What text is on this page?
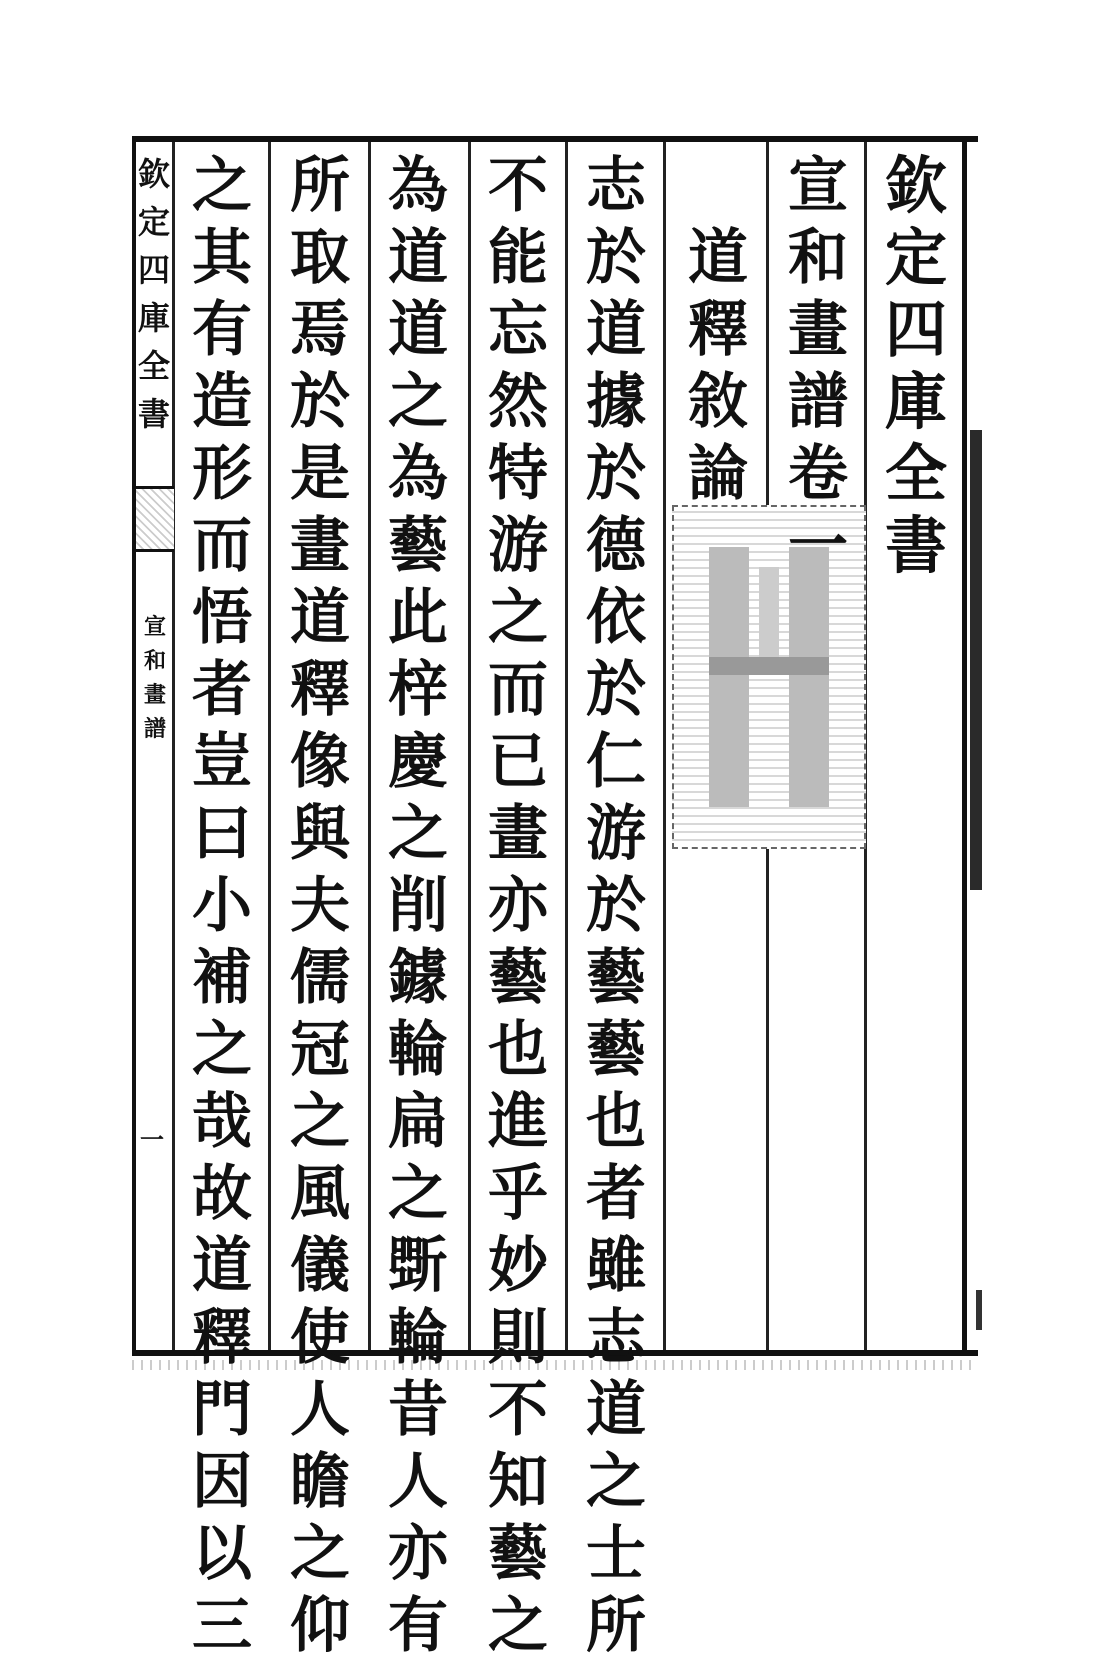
欽
定
四
庫
全
書
宣
和
畫
譜
卷
一
道
釋
敘
論
志
於
道
據
於
德
依
於
仁
游
於
藝
藝
也
者
雖
志
道
之
士
所
不
能
忘
然
特
游
之
而
已
畫
亦
藝
也
進
乎
妙
則
不
知
藝
之
為
道
道
之
為
藝
此
梓
慶
之
削
鐻
輪
扁
之
斲
輪
昔
人
亦
有
所
取
焉
於
是
畫
道
釋
像
與
夫
儒
冠
之
風
儀
使
人
瞻
之
仰
之
其
有
造
形
而
悟
者
豈
曰
小
補
之
哉
故
道
釋
門
因
以
三
欽
定
四
庫
全
書
宣
和
畫
譜
一
